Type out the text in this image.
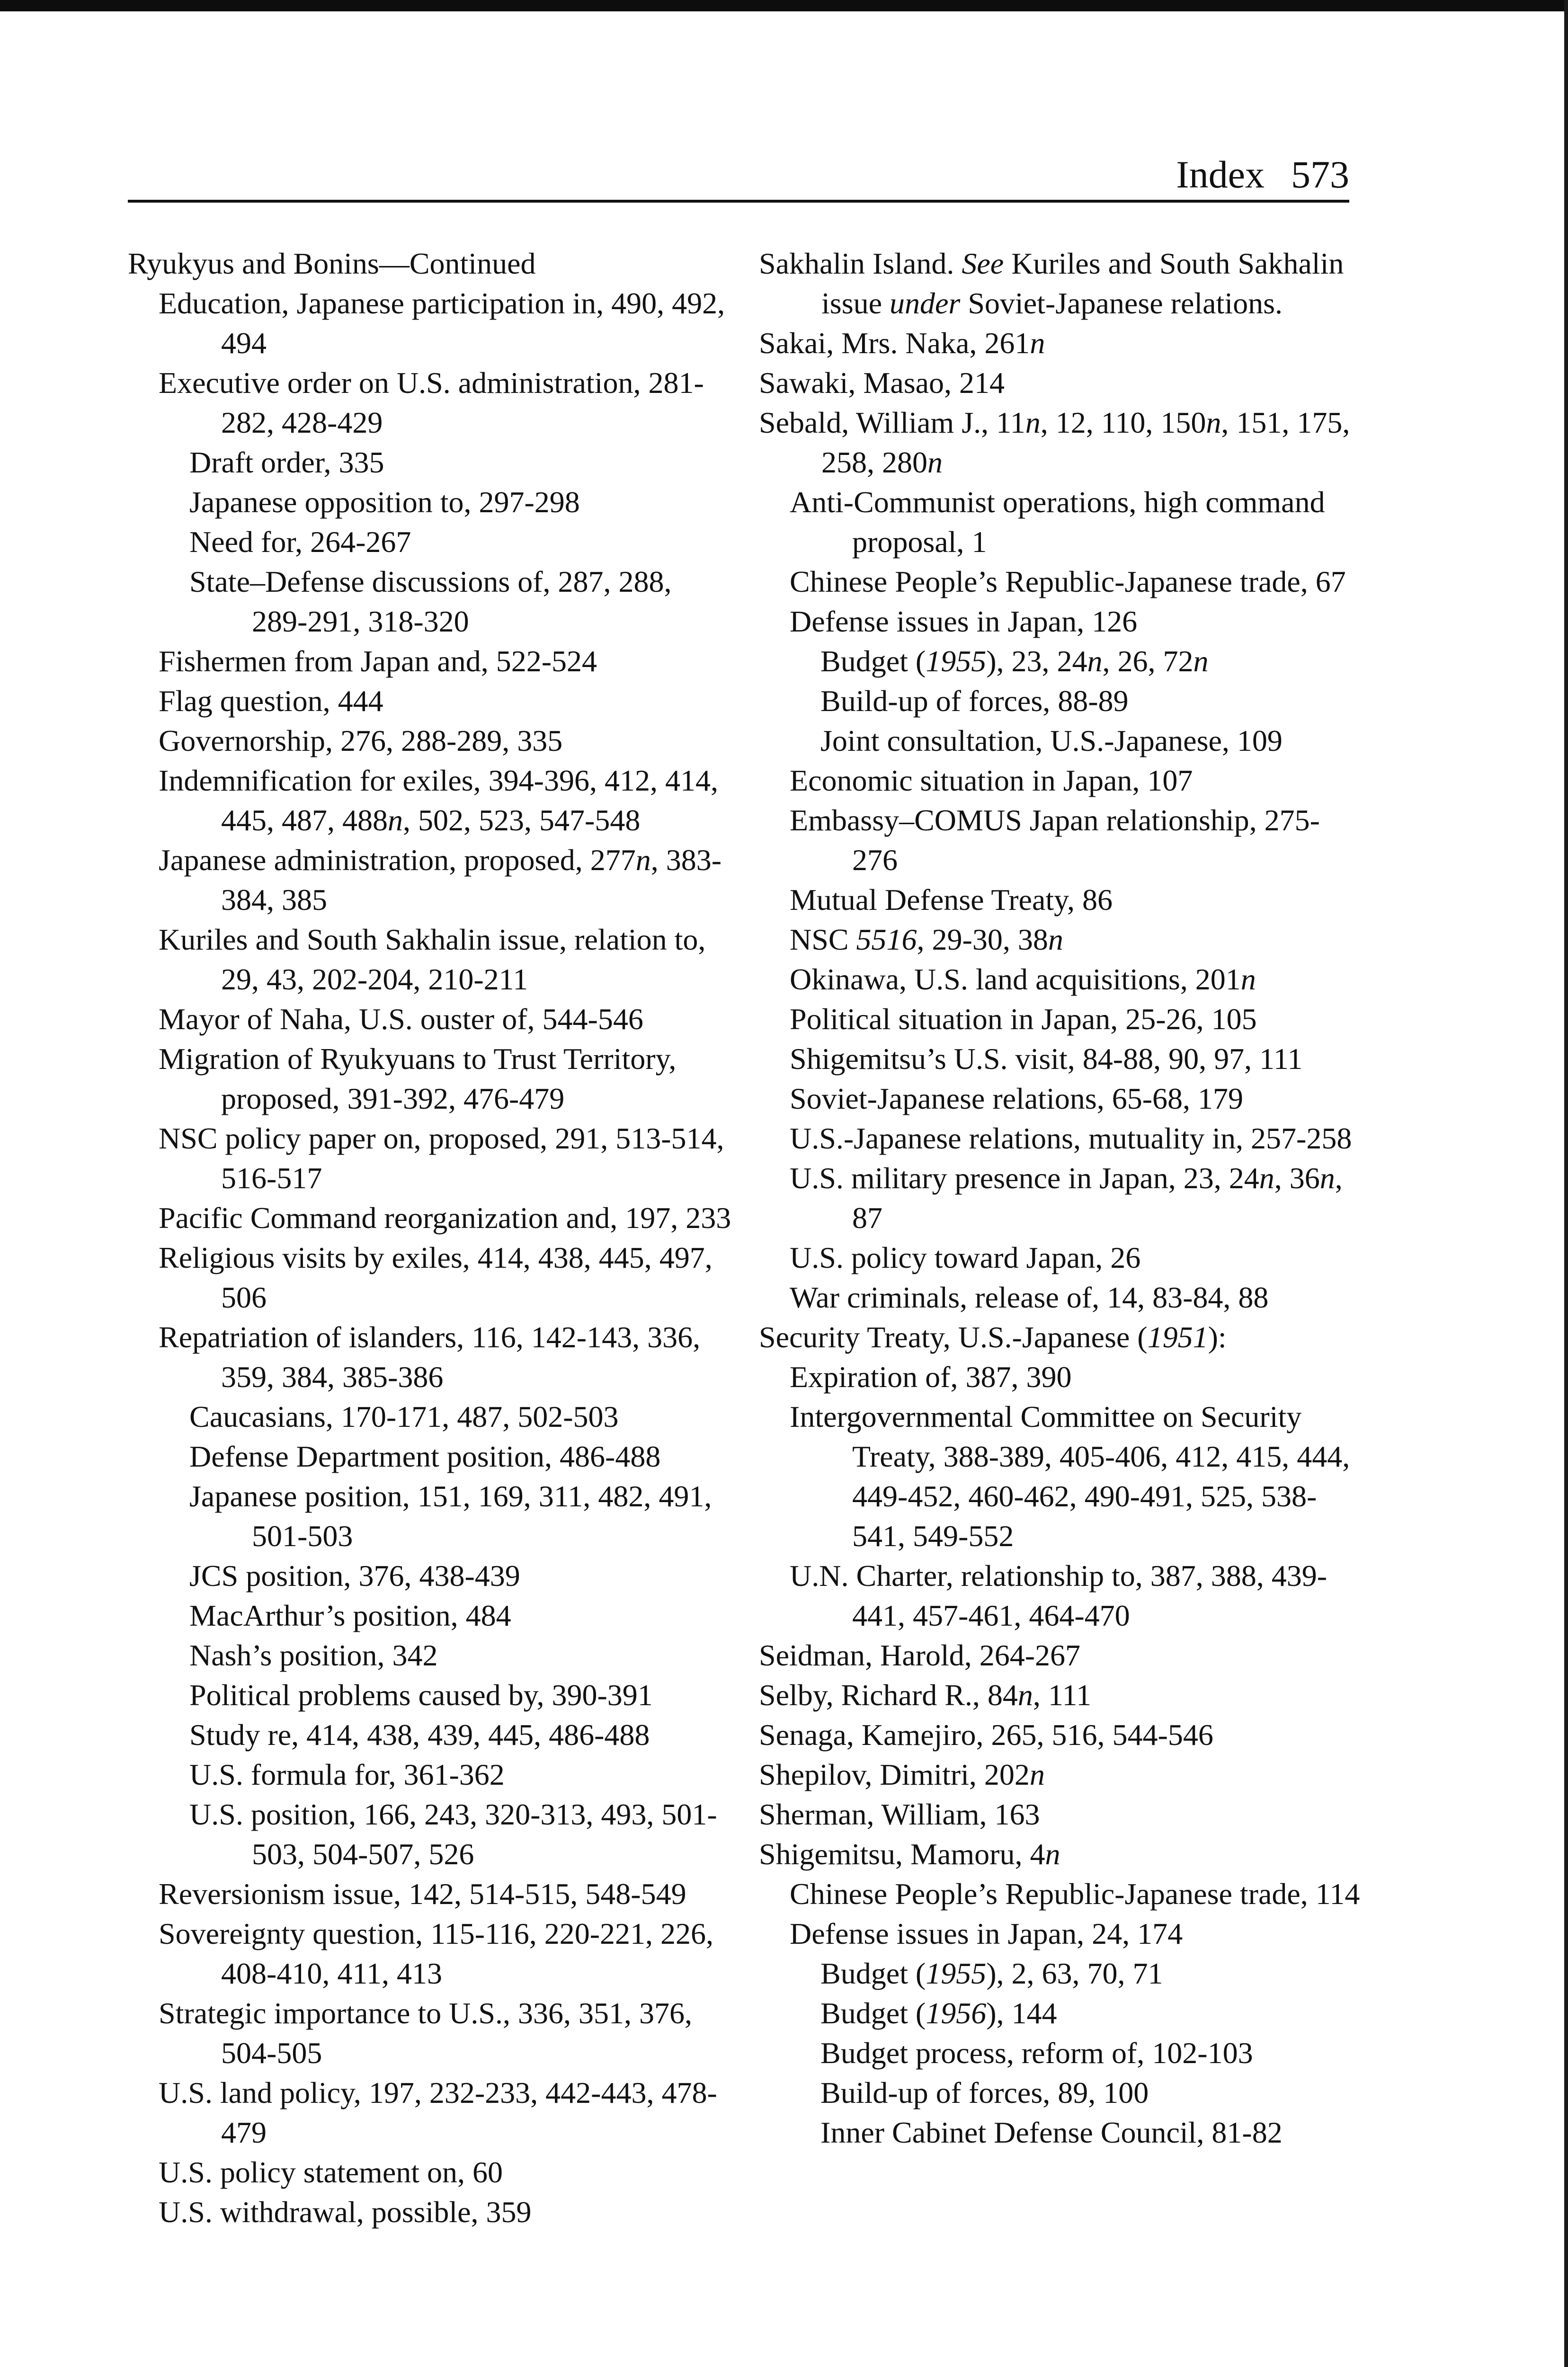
Index 573
Ryukyus and Bonins—Continued
Education, Japanese participation in, 490, 492, 494
Executive order on U.S. administration, 281-282, 428-429
Draft order, 335
Japanese opposition to, 297-298
Need for, 264-267
State–Defense discussions of, 287, 288, 289-291, 318-320
Fishermen from Japan and, 522-524
Flag question, 444
Governorship, 276, 288-289, 335
Indemnification for exiles, 394-396, 412, 414, 445, 487, 488n, 502, 523, 547-548
Japanese administration, proposed, 277n, 383-384, 385
Kuriles and South Sakhalin issue, relation to, 29, 43, 202-204, 210-211
Mayor of Naha, U.S. ouster of, 544-546
Migration of Ryukyuans to Trust Territory, proposed, 391-392, 476-479
NSC policy paper on, proposed, 291, 513-514, 516-517
Pacific Command reorganization and, 197, 233
Religious visits by exiles, 414, 438, 445, 497, 506
Repatriation of islanders, 116, 142-143, 336, 359, 384, 385-386
Caucasians, 170-171, 487, 502-503
Defense Department position, 486-488
Japanese position, 151, 169, 311, 482, 491, 501-503
JCS position, 376, 438-439
MacArthur’s position, 484
Nash’s position, 342
Political problems caused by, 390-391
Study re, 414, 438, 439, 445, 486-488
U.S. formula for, 361-362
U.S. position, 166, 243, 320-313, 493, 501-503, 504-507, 526
Reversionism issue, 142, 514-515, 548-549
Sovereignty question, 115-116, 220-221, 226, 408-410, 411, 413
Strategic importance to U.S., 336, 351, 376, 504-505
U.S. land policy, 197, 232-233, 442-443, 478-479
U.S. policy statement on, 60
U.S. withdrawal, possible, 359
Sakhalin Island. See Kuriles and South Sakhalin issue under Soviet-Japanese relations.
Sakai, Mrs. Naka, 261n
Sawaki, Masao, 214
Sebald, William J., 11n, 12, 110, 150n, 151, 175, 258, 280n
Anti-Communist operations, high command proposal, 1
Chinese People’s Republic-Japanese trade, 67
Defense issues in Japan, 126
Budget (1955), 23, 24n, 26, 72n
Build-up of forces, 88-89
Joint consultation, U.S.-Japanese, 109
Economic situation in Japan, 107
Embassy–COMUS Japan relationship, 275-276
Mutual Defense Treaty, 86
NSC 5516, 29-30, 38n
Okinawa, U.S. land acquisitions, 201n
Political situation in Japan, 25-26, 105
Shigemitsu’s U.S. visit, 84-88, 90, 97, 111
Soviet-Japanese relations, 65-68, 179
U.S.-Japanese relations, mutuality in, 257-258
U.S. military presence in Japan, 23, 24n, 36n, 87
U.S. policy toward Japan, 26
War criminals, release of, 14, 83-84, 88
Security Treaty, U.S.-Japanese (1951):
Expiration of, 387, 390
Intergovernmental Committee on Security Treaty, 388-389, 405-406, 412, 415, 444, 449-452, 460-462, 490-491, 525, 538-541, 549-552
U.N. Charter, relationship to, 387, 388, 439-441, 457-461, 464-470
Seidman, Harold, 264-267
Selby, Richard R., 84n, 111
Senaga, Kamejiro, 265, 516, 544-546
Shepilov, Dimitri, 202n
Sherman, William, 163
Shigemitsu, Mamoru, 4n
Chinese People’s Republic-Japanese trade, 114
Defense issues in Japan, 24, 174
Budget (1955), 2, 63, 70, 71
Budget (1956), 144
Budget process, reform of, 102-103
Build-up of forces, 89, 100
Inner Cabinet Defense Council, 81-82
